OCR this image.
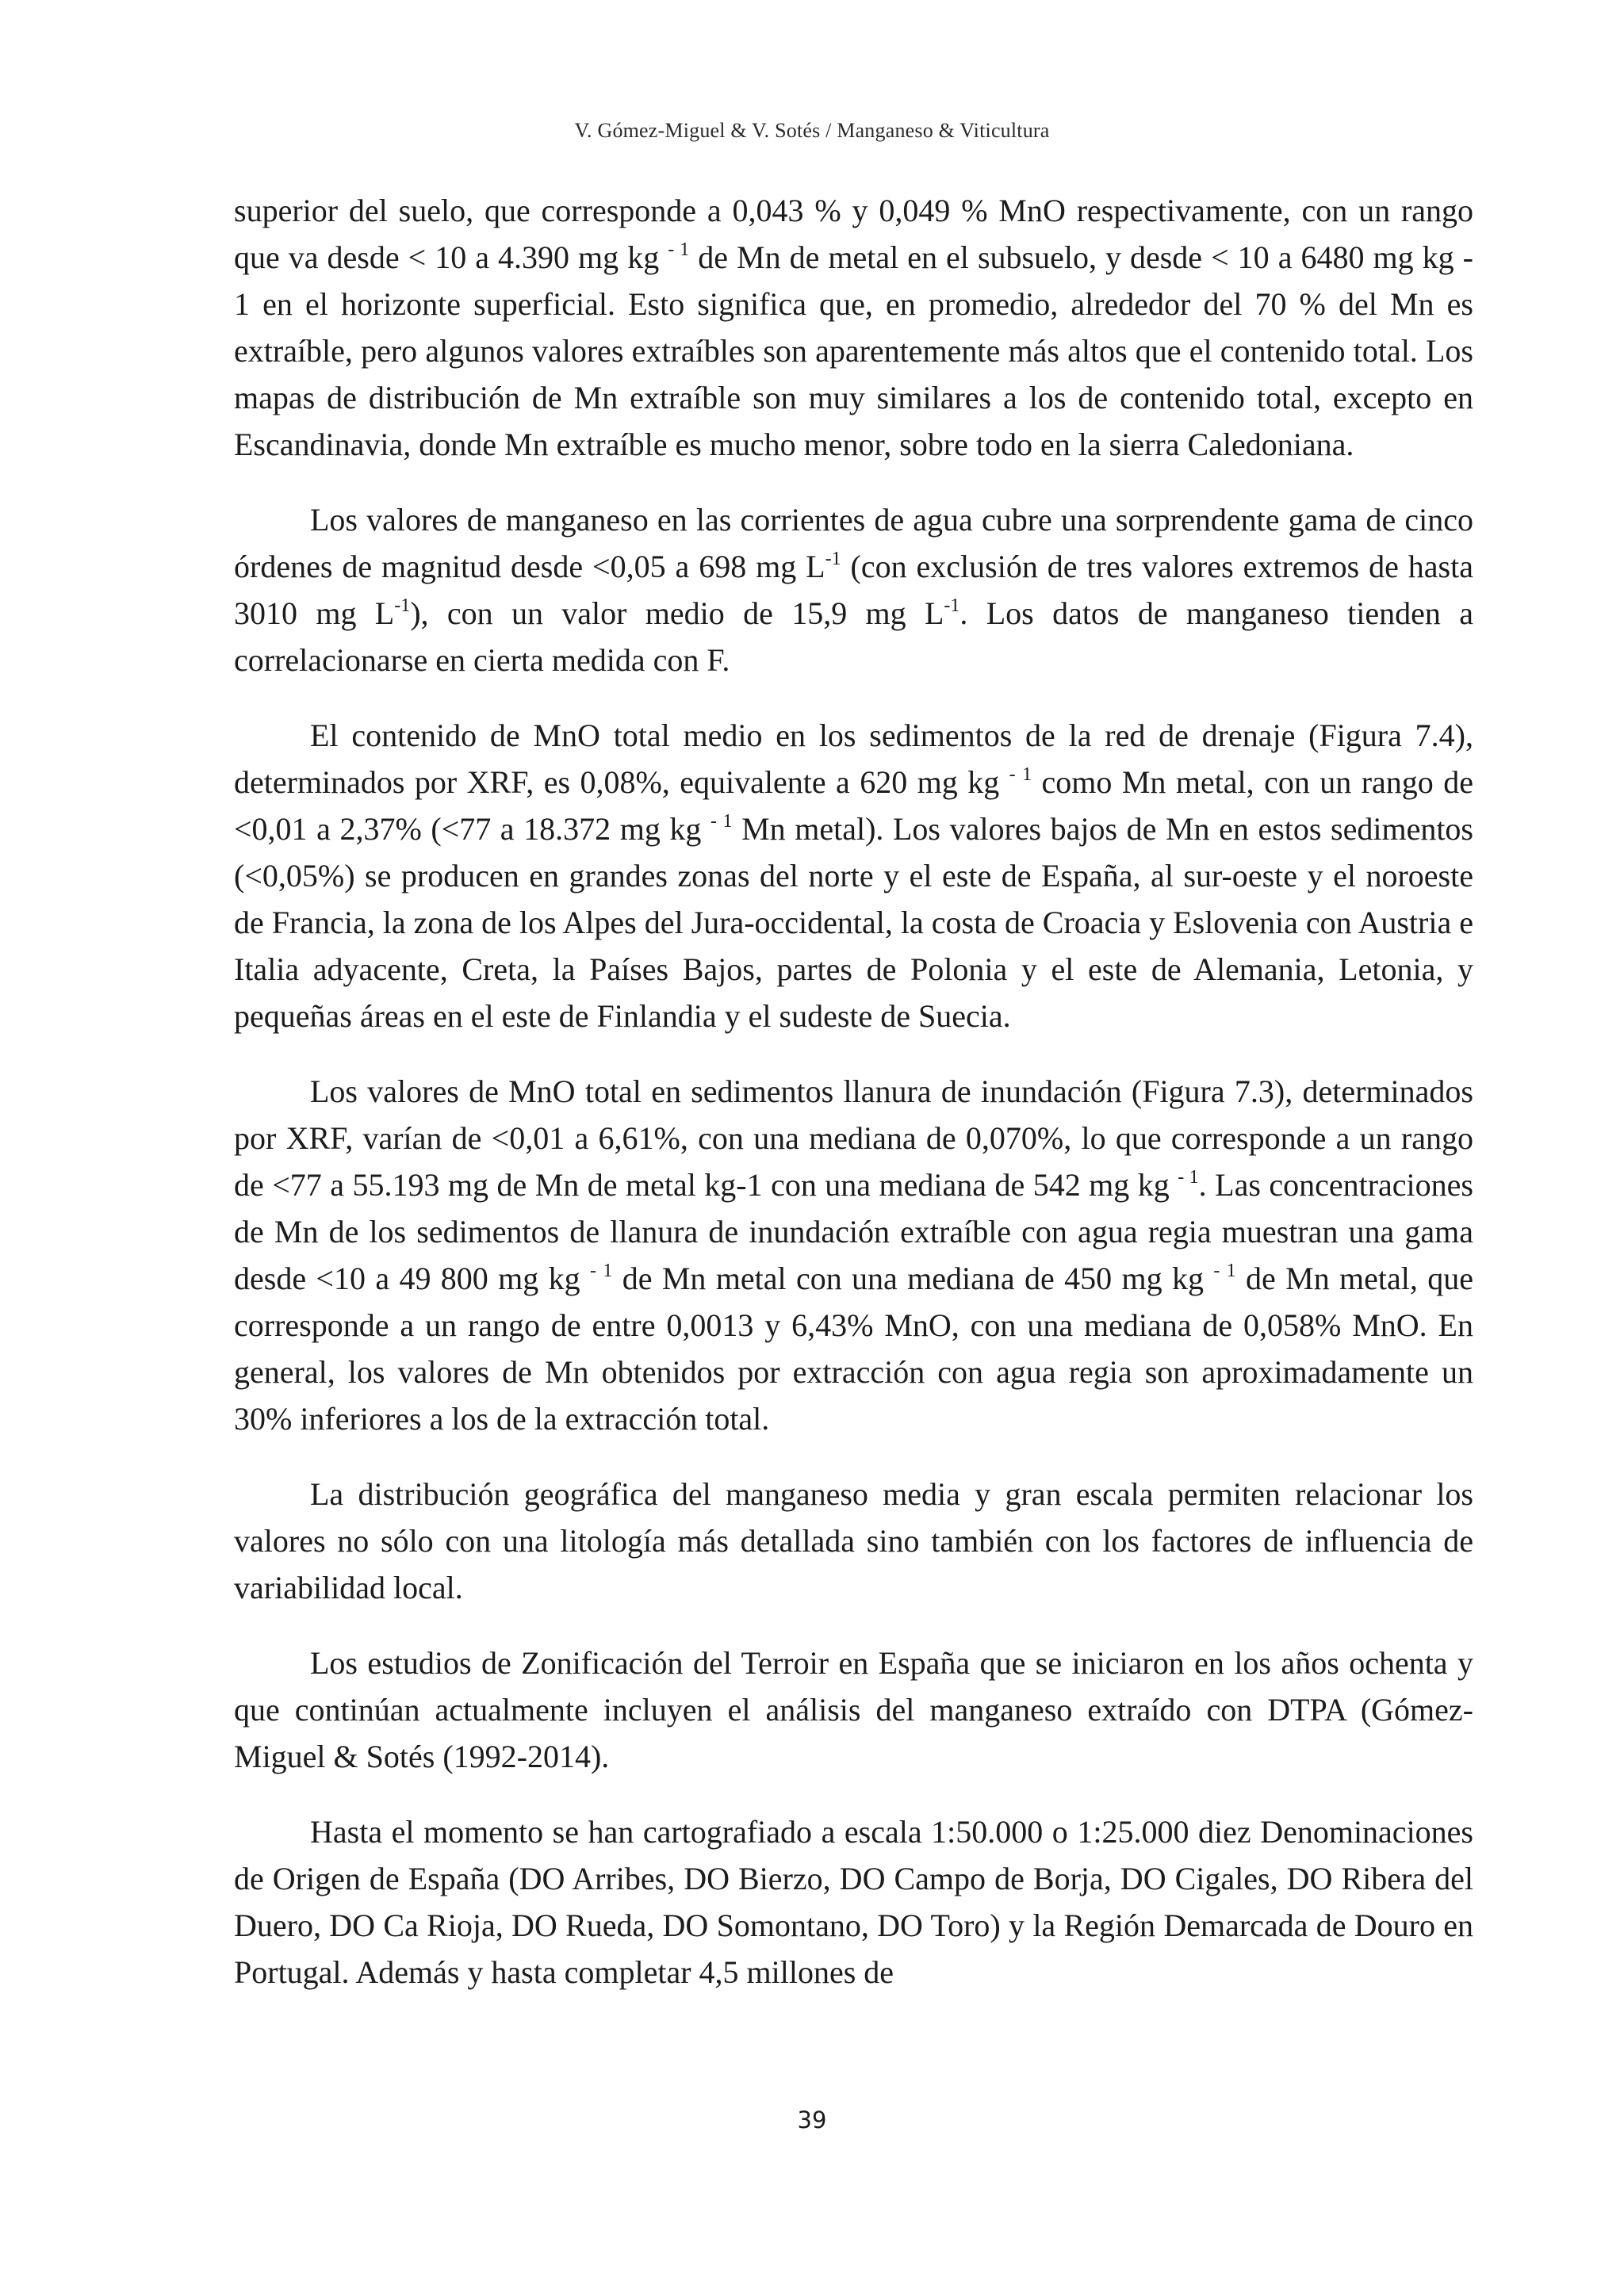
V. Gómez-Miguel & V. Sotés / Manganeso & Viticultura

superior del suelo, que corresponde a 0,043 % y 0,049 % MnO respectivamente, con un rango que va desde < 10 a 4.390 mg kg $^{- 1}$ de Mn de metal en el subsuelo, y desde < 10 a 6480 mg kg - 1 en el horizonte superficial. Esto significa que, en promedio, alrededor del 70 % del Mn es extraíble, pero algunos valores extraíbles son aparentemente más altos que el contenido total. Los mapas de distribución de Mn extraíble son muy similares a los de contenido total, excepto en Escandinavia, donde Mn extraíble es mucho menor, sobre todo en la sierra Caledoniana.

Los valores de manganeso en las corrientes de agua cubre una sorprendente gama de cinco órdenes de magnitud desde <0,05 a 698 mg $L^{-1}$ (con exclusión de tres valores extremos de hasta 3010 mg $L^{-1}$), con un valor medio de 15,9 mg $L^{-1}$. Los datos de manganeso tienden a correlacionarse en cierta medida con F.

El contenido de MnO total medio en los sedimentos de la red de drenaje (Figura 7.4), determinados por XRF, es 0,08%, equivalente a 620 mg kg $^{- 1}$ como Mn metal, con un rango de <0,01 a 2,37% (<77 a 18.372 mg kg $^{- 1}$ Mn metal). Los valores bajos de Mn en estos sedimentos (<0,05%) se producen en grandes zonas del norte y el este de España, al sur-oeste y el noroeste de Francia, la zona de los Alpes del Jura-occidental, la costa de Croacia y Eslovenia con Austria e Italia adyacente, Creta, la Países Bajos, partes de Polonia y el este de Alemania, Letonia, y pequeñas áreas en el este de Finlandia y el sudeste de Suecia.

Los valores de MnO total en sedimentos llanura de inundación (Figura 7.3), determinados por XRF, varían de <0,01 a 6,61%, con una mediana de 0,070%, lo que corresponde a un rango de <77 a 55.193 mg de Mn de metal kg-1 con una mediana de 542 mg kg $^{- 1}$. Las concentraciones de Mn de los sedimentos de llanura de inundación extraíble con agua regia muestran una gama desde <10 a 49 800 mg kg $^{- 1}$ de Mn metal con una mediana de 450 mg kg $^{- 1}$ de Mn metal, que corresponde a un rango de entre 0,0013 y 6,43% MnO, con una mediana de 0,058% MnO. En general, los valores de Mn obtenidos por extracción con agua regia son aproximadamente un 30% inferiores a los de la extracción total.

La distribución geográfica del manganeso media y gran escala permiten relacionar los valores no sólo con una litología más detallada sino también con los factores de influencia de variabilidad local.

Los estudios de Zonificación del Terroir en España que se iniciaron en los años ochenta y que continúan actualmente incluyen el análisis del manganeso extraído con DTPA (Gómez-Miguel & Sotés (1992-2014).

Hasta el momento se han cartografiado a escala 1:50.000 o 1:25.000 diez Denominaciones de Origen de España (DO Arribes, DO Bierzo, DO Campo de Borja, DO Cigales, DO Ribera del Duero, DO Ca Rioja, DO Rueda, DO Somontano, DO Toro) y la Región Demarcada de Douro en Portugal. Además y hasta completar 4,5 millones de

39
